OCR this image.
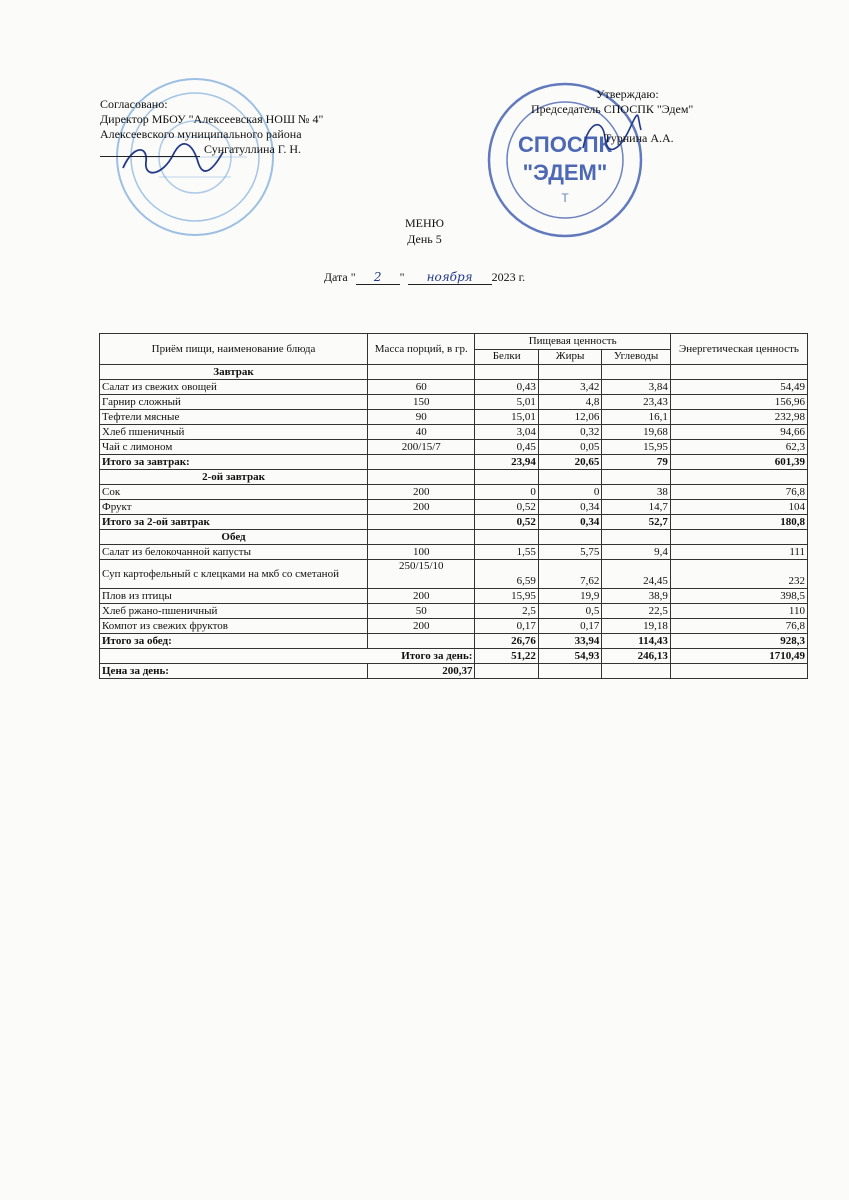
СПОСПК
"ЭДЕМ"
T
Согласовано:
Директор МБОУ "Алексеевская НОШ № 4"
Алексеевского муниципального района
Сунгатуллина Г. Н.
Утверждаю:
Председатель СПОСПК "Эдем"
Турнина А.А.
МЕНЮ
День 5
Дата " 2 " ноября 2023 г.
Приём пищи, наименование блюда	Масса порций, в гр.	Пищевая ценность			Энергетическая ценность
		Белки	Жиры	Углеводы	
Завтрак					
Салат из свежих овощей	60	0,43	3,42	3,84	54,49
Гарнир сложный	150	5,01	4,8	23,43	156,96
Тефтели мясные	90	15,01	12,06	16,1	232,98
Хлеб пшеничный	40	3,04	0,32	19,68	94,66
Чай с лимоном	200/15/7	0,45	0,05	15,95	62,3
Итого за завтрак:		23,94	20,65	79	601,39
2-ой завтрак					
Сок	200	0	0	38	76,8
Фрукт	200	0,52	0,34	14,7	104
Итого за 2-ой завтрак		0,52	0,34	52,7	180,8
Обед					
Салат из белокочанной капусты	100	1,55	5,75	9,4	111
Суп картофельный с клецками на мкб со сметаной	250/15/10	6,59	7,62	24,45	232
Плов из птицы	200	15,95	19,9	38,9	398,5
Хлеб ржано-пшеничный	50	2,5	0,5	22,5	110
Компот из свежих фруктов	200	0,17	0,17	19,18	76,8
Итого за обед:		26,76	33,94	114,43	928,3
Итого за день:		51,22	54,93	246,13	1710,49
Цена за день:	200,37				
